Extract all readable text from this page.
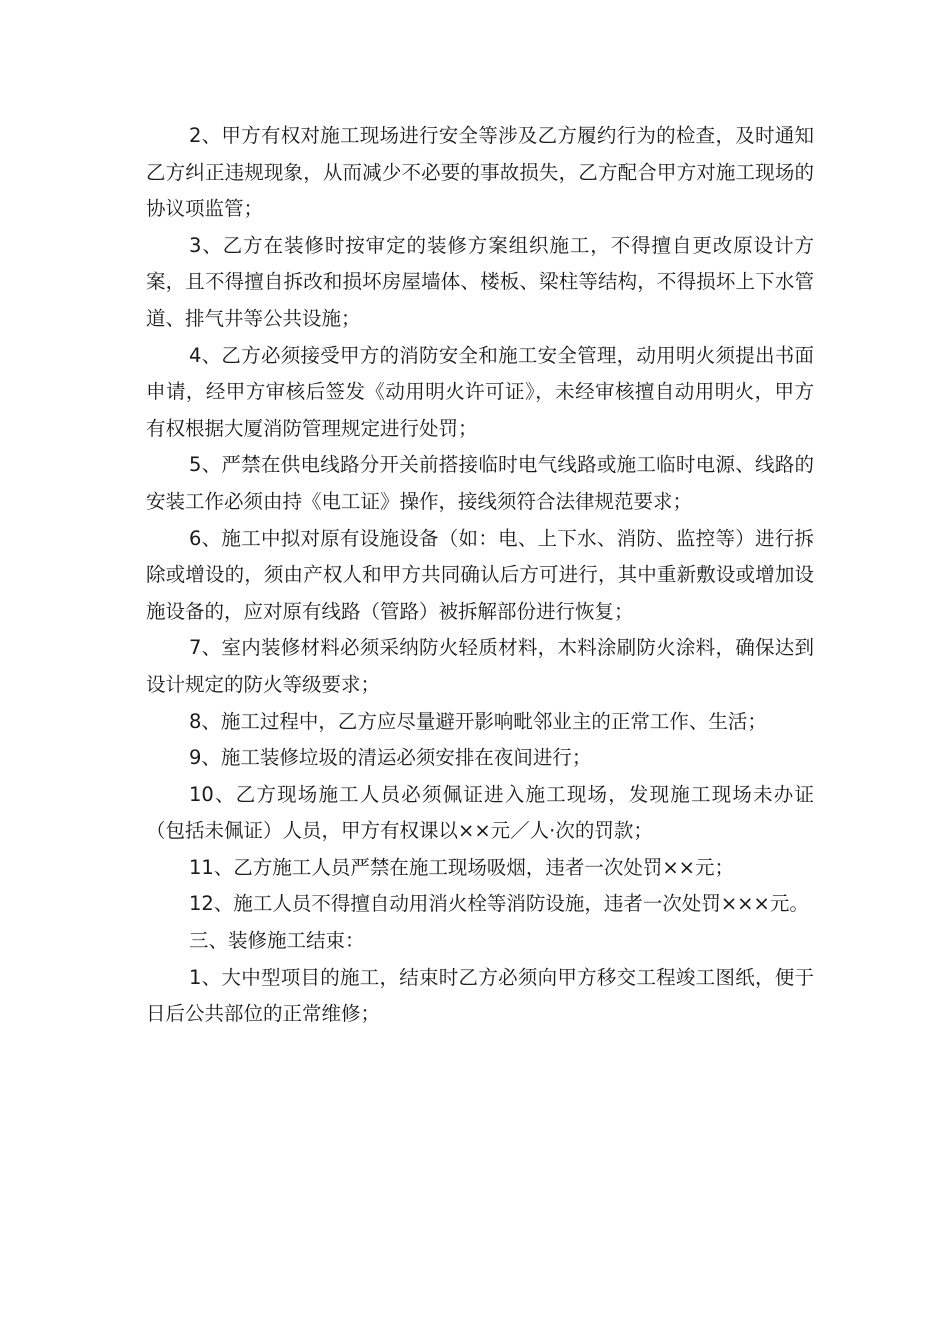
2、甲方有权对施工现场进行安全等涉及乙方履约行为的检查，及时通知乙方纠正违规现象，从而减少不必要的事故损失，乙方配合甲方对施工现场的协议项监管；

3、乙方在装修时按审定的装修方案组织施工，不得擅自更改原设计方案，且不得擅自拆改和损坏房屋墙体、楼板、梁柱等结构，不得损坏上下水管道、排气井等公共设施；

4、乙方必须接受甲方的消防安全和施工安全管理，动用明火须提出书面申请，经甲方审核后签发《动用明火许可证》，未经审核擅自动用明火，甲方有权根据大厦消防管理规定进行处罚；

5、严禁在供电线路分开关前搭接临时电气线路或施工临时电源、线路的安装工作必须由持《电工证》操作，接线须符合法律规范要求；

6、施工中拟对原有设施设备（如：电、上下水、消防、监控等）进行拆除或增设的，须由产权人和甲方共同确认后方可进行，其中重新敷设或增加设施设备的，应对原有线路（管路）被拆解部份进行恢复；

7、室内装修材料必须采纳防火轻质材料，木料涂刷防火涂料，确保达到设计规定的防火等级要求；

8、施工过程中，乙方应尽量避开影响毗邻业主的正常工作、生活；

9、施工装修垃圾的清运必须安排在夜间进行；

10、乙方现场施工人员必须佩证进入施工现场，发现施工现场未办证（包括未佩证）人员，甲方有权课以××元／人·次的罚款；

11、乙方施工人员严禁在施工现场吸烟，违者一次处罚××元；

12、施工人员不得擅自动用消火栓等消防设施，违者一次处罚×××元。

三、装修施工结束：

1、大中型项目的施工，结束时乙方必须向甲方移交工程竣工图纸，便于日后公共部位的正常维修；
